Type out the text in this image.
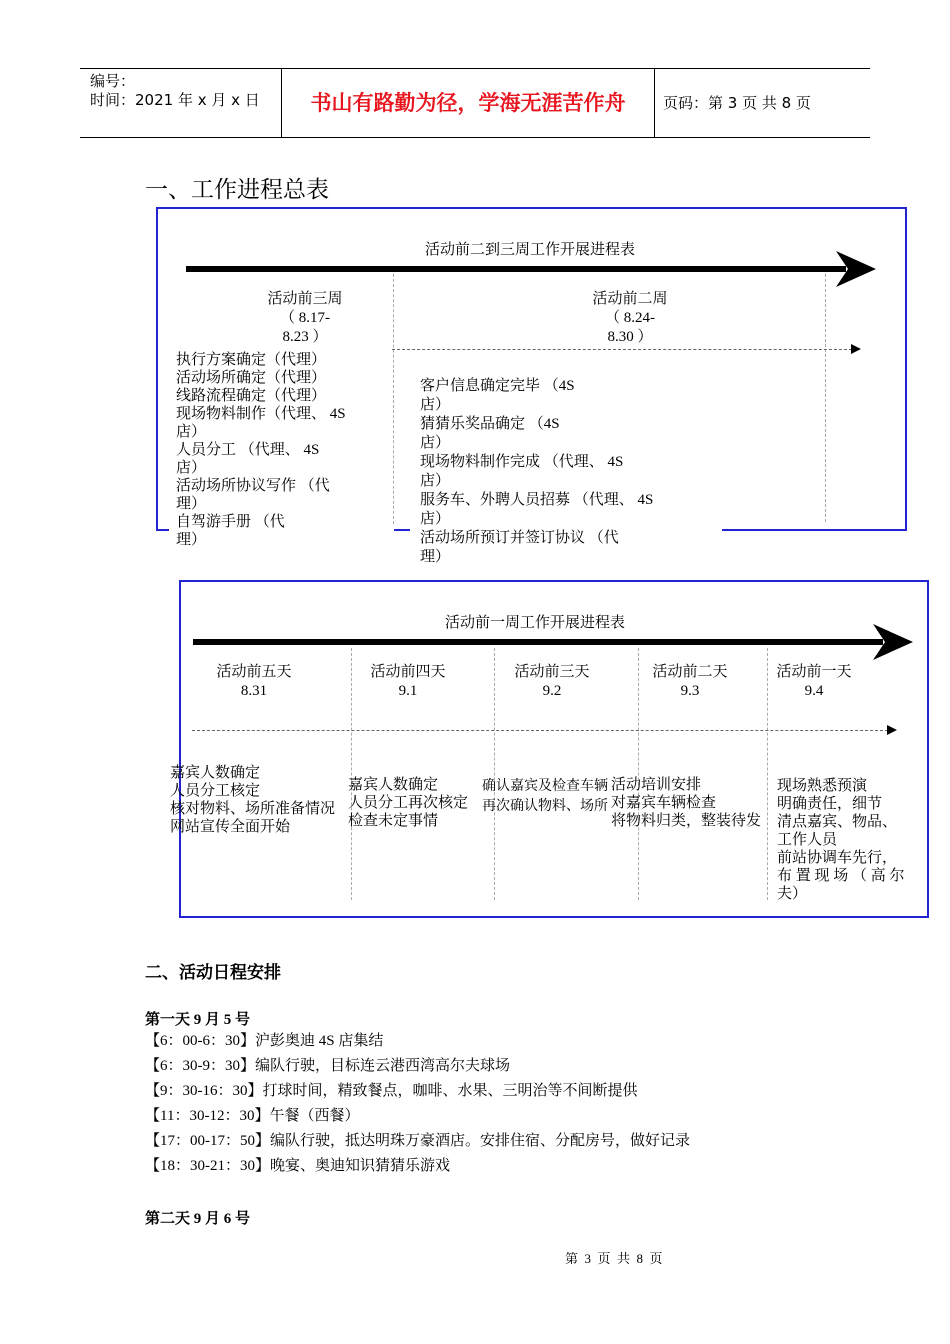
编号：
时间：2021 年 x 月 x 日	书山有路勤为径，学海无涯苦作舟	页码：第 3 页 共 8 页
一、工作进程总表
活动前二到三周工作开展进程表
活动前三周
（ 8.17-
8.23 ）
活动前二周
（ 8.24-
8.30 ）
执行方案确定（代理）
活动场所确定（代理）
线路流程确定（代理）
现场物料制作（代理、 4S
店）
人员分工 （代理、 4S
店）
活动场所协议写作 （代
理）
自驾游手册 （代
理）
客户信息确定完毕 （4S
店）
猜猜乐奖品确定 （4S
店）
现场物料制作完成 （代理、 4S
店）
服务车、外聘人员招募 （代理、 4S
店）
活动场所预订并签订协议 （代
理）
活动前一周工作开展进程表
活动前五天
8.31
活动前四天
9.1
活动前三天
9.2
活动前二天
9.3
活动前一天
9.4
嘉宾人数确定
人员分工核定
核对物料、场所准备情况
网站宣传全面开始
嘉宾人数确定
人员分工再次核定
检查未定事情
确认嘉宾及检查车辆
再次确认物料、场所
活动培训安排
对嘉宾车辆检查
将物料归类，整装待发
现场熟悉预演
明确责任，细节
清点嘉宾、物品、
工作人员
前站协调车先行，
布 置 现 场 （ 高 尔
夫）
二、活动日程安排
第一天 9 月 5 号
【6：00-6：30】沪彭奥迪 4S 店集结
【6：30-9：30】编队行驶，目标连云港西湾高尔夫球场
【9：30-16：30】打球时间，精致餐点，咖啡、水果、三明治等不间断提供
【11：30-12：30】午餐（西餐）
【17：00-17：50】编队行驶，抵达明珠万豪酒店。安排住宿、分配房号，做好记录
【18：30-21：30】晚宴、奥迪知识猜猜乐游戏
第二天 9 月 6 号
第  3  页  共  8  页
